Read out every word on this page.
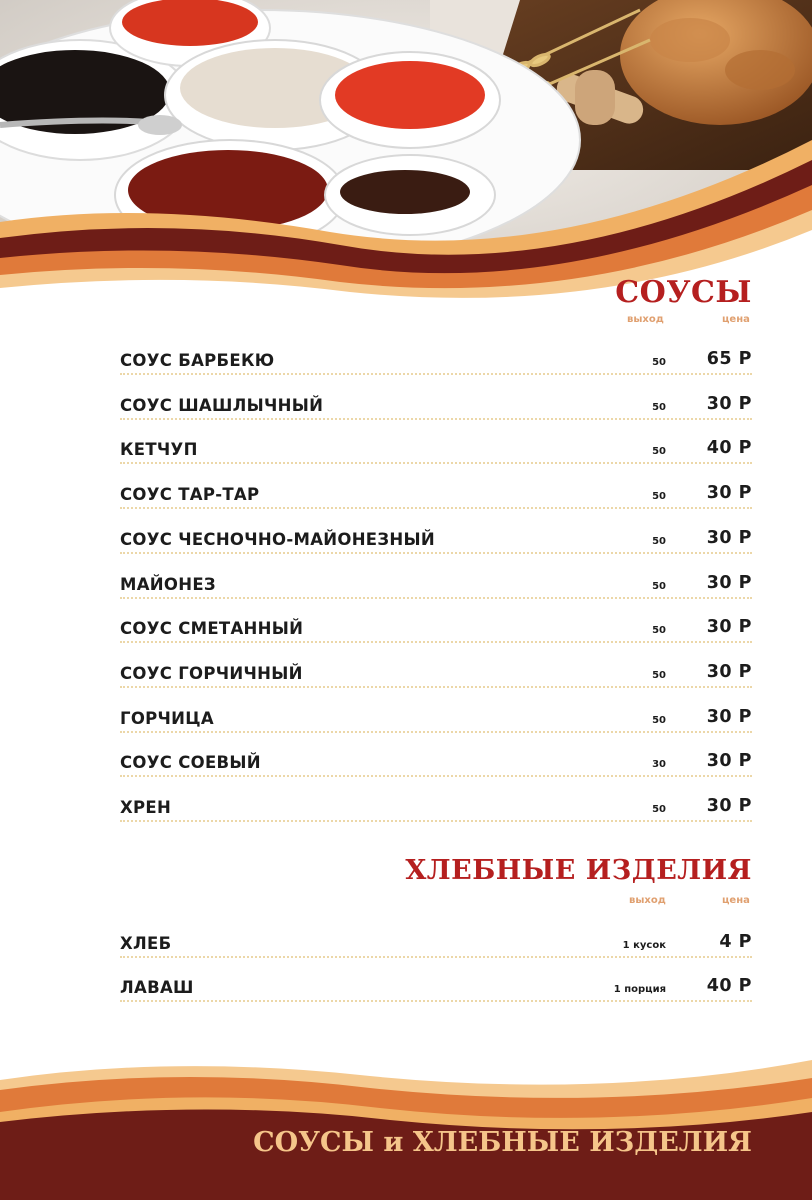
СОУСЫ
выход	цена
СОУС БАРБЕКЮ	50 65 Р
СОУС ШАШЛЫЧНЫЙ	50 30 Р
КЕТЧУП	50 40 Р
СОУС ТАР-ТАР	50 30 Р
СОУС ЧЕСНОЧНО-МАЙОНЕЗНЫЙ	50 30 Р
МАЙОНЕЗ	50 30 Р
СОУС СМЕТАННЫЙ	50 30 Р
СОУС ГОРЧИЧНЫЙ	50 30 Р
ГОРЧИЦА	50 30 Р
СОУС СОЕВЫЙ	30 30 Р
ХРЕН	50 30 Р
ХЛЕБНЫЕ ИЗДЕЛИЯ
выход	цена
ХЛЕБ	1 кусок	4 Р
ЛАВАШ	1 порция 40 Р
СОУСЫ и ХЛЕБНЫЕ ИЗДЕЛИЯ
